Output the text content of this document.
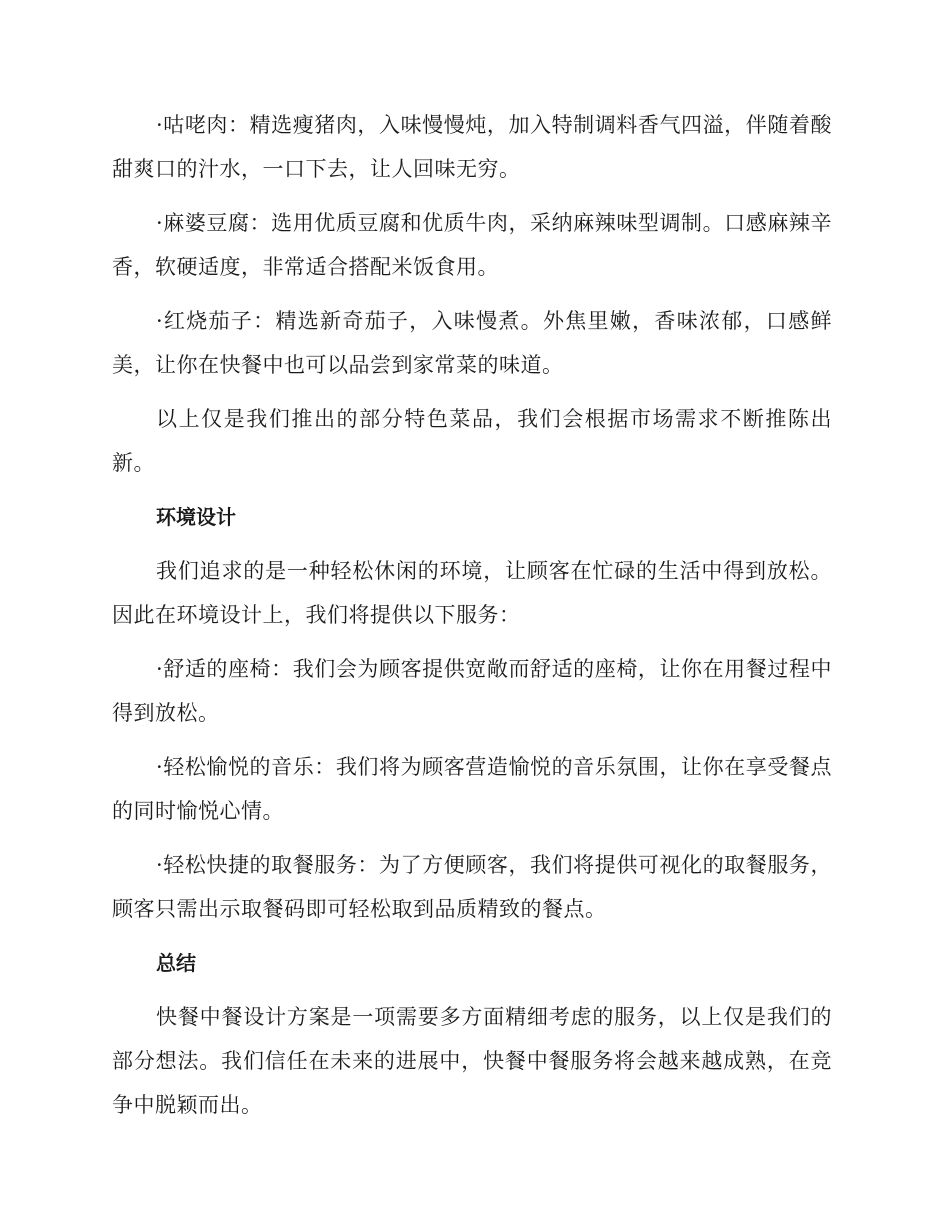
·咕咾肉：精选瘦猪肉，入味慢慢炖，加入特制调料香气四溢，伴随着酸甜爽口的汁水，一口下去，让人回味无穷。

·麻婆豆腐：选用优质豆腐和优质牛肉，采纳麻辣味型调制。口感麻辣辛香，软硬适度，非常适合搭配米饭食用。

·红烧茄子：精选新奇茄子，入味慢煮。外焦里嫩，香味浓郁，口感鲜美，让你在快餐中也可以品尝到家常菜的味道。

以上仅是我们推出的部分特色菜品，我们会根据市场需求不断推陈出新。

环境设计

我们追求的是一种轻松休闲的环境，让顾客在忙碌的生活中得到放松。因此在环境设计上，我们将提供以下服务：

·舒适的座椅：我们会为顾客提供宽敞而舒适的座椅，让你在用餐过程中得到放松。

·轻松愉悦的音乐：我们将为顾客营造愉悦的音乐氛围，让你在享受餐点的同时愉悦心情。

·轻松快捷的取餐服务：为了方便顾客，我们将提供可视化的取餐服务，顾客只需出示取餐码即可轻松取到品质精致的餐点。

总结

快餐中餐设计方案是一项需要多方面精细考虑的服务，以上仅是我们的部分想法。我们信任在未来的进展中，快餐中餐服务将会越来越成熟，在竞争中脱颖而出。
